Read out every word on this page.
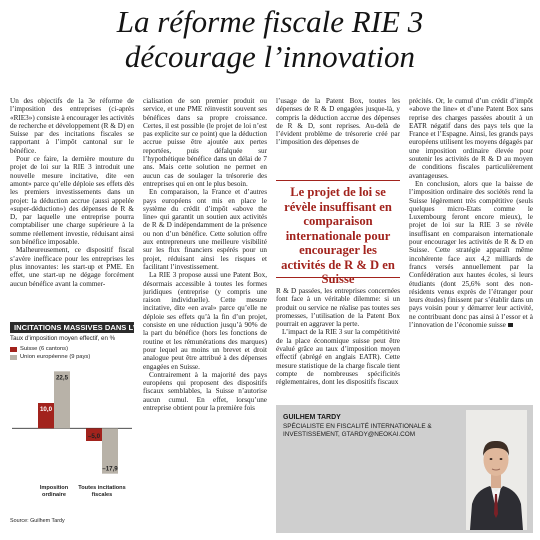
La réforme fiscale RIE 3
décourage l’innovation

Un des objectifs de la 3e réforme de l’imposition des entreprises (ci-après «RIE3») consiste à encourager les activités de recherche et développement (R & D) en Suisse par des incitations fiscales se rapportant à l’impôt cantonal sur le bénéfice.

Pour ce faire, la dernière mouture du projet de loi sur la RIE 3 introduit une nouvelle mesure incitative, dite «en amont» parce qu’elle déploie ses effets dès les premiers investissements dans un projet: la déduction accrue (aussi appelée «super-déduction») des dépenses de R & D, par laquelle une entreprise pourra comptabiliser une charge supérieure à la somme réellement investie, réduisant ainsi son bénéfice imposable.

Malheureusement, ce dispositif fiscal s’avère inefficace pour les entreprises les plus innovantes: les start-up et PME. En effet, une start-up ne dégage forcément aucun bénéfice avant la commer-

INCITATIONS MASSIVES DANS L’UE
Taux d’imposition moyen effectif, en %
Suisse (6 cantons)
Union européenne (9 pays)
10,0
22,5
Imposition
ordinaire
–5,0
–17,9
Toutes incitations
fiscales
Source: Guilhem Tardy

cialisation de son premier produit ou service, et une PME réinvestit souvent ses bénéfices dans sa propre croissance. Certes, il est possible (le projet de loi n’est pas explicite sur ce point) que la déduction accrue puisse être ajoutée aux pertes reportées, puis défalquée sur l’hypothétique bénéfice dans un délai de 7 ans. Mais cette solution ne permet en aucun cas de soulager la trésorerie des entreprises qui en ont le plus besoin.

En comparaison, la France et d’autres pays européens ont mis en place le système du crédit d’impôt «above the line» qui garantit un soutien aux activités de R & D indépendamment de la présence ou non d’un bénéfice. Cette solution offre aux entrepreneurs une meilleure visibilité sur les flux financiers espérés pour un projet, réduisant ainsi les risques et facilitant l’investissement.

La RIE 3 propose aussi une Patent Box, désormais accessible à toutes les formes juridiques (entreprise (y compris une raison individuelle). Cette mesure incitative, dite «en aval» parce qu’elle ne déploie ses effets qu’à la fin d’un projet, consiste en une réduction jusqu’à 90% de la part du bénéfice (hors les fonctions de routine et les rémunérations des marques) pour lequel au moins un brevet et droit analogue peut être attribué à des dépenses engagées en Suisse.

Contrairement à la majorité des pays européens qui proposent des dispositifs fiscaux semblables, la Suisse n’autorise aucun cumul. En effet, lorsqu’une entreprise obtient pour la première fois

l’usage de la Patent Box, toutes les dépenses de R & D engagées jusque-là, y compris la déduction accrue des dépenses de R & D, sont reprises. Au-delà de l’évident problème de trésorerie créé par l’imposition des dépenses de

Le projet de loi se révèle insuffisant en comparaison internationale pour encourager les activités de R & D en Suisse

R & D passées, les entreprises concernées font face à un véritable dilemme: si un produit ou service ne réalise pas toutes ses promesses, l’utilisation de la Patent Box pourrait en aggraver la perte.

L’impact de la RIE 3 sur la compétitivité de la place économique suisse peut être évalué grâce au taux d’imposition moyen effectif (abrégé en anglais EATR). Cette mesure statistique de la charge fiscale tient compte de nombreuses spécificités réglementaires, dont les dispositifs fiscaux

précités. Or, le cumul d’un crédit d’impôt «above the line» et d’une Patent Box sans reprise des charges passées aboutit à un EATR négatif dans des pays tels que la France et l’Espagne. Ainsi, les grands pays européens utilisent les moyens dégagés par une imposition ordinaire élevée pour soutenir les activités de R & D au moyen de conditions fiscales particulièrement avantageuses.

En conclusion, alors que la baisse de l’imposition ordinaire des sociétés rend la Suisse légèrement très compétitive (seuls quelques micro-Etats comme le Luxembourg feront encore mieux), le projet de loi sur la RIE 3 se révèle insuffisant en comparaison internationale pour encourager les activités de R & D en Suisse. Cette stratégie apparaît même incohérente face aux 4,2 milliards de francs versés annuellement par la Confédération aux hautes écoles, si leurs étudiants (dont 25,6% sont des non-résidents venus exprès de l’étranger pour leurs études) finissent par s’établir dans un pays voisin pour y démarrer leur activité, ne contribuant donc pas ainsi à l’essor et à l’innovation de l’économie suisse

GUILHEM TARDY
SPÉCIALISTE EN FISCALITÉ INTERNATIONALE & INVESTISSEMENT, GTARDY@NEOKAI.COM
